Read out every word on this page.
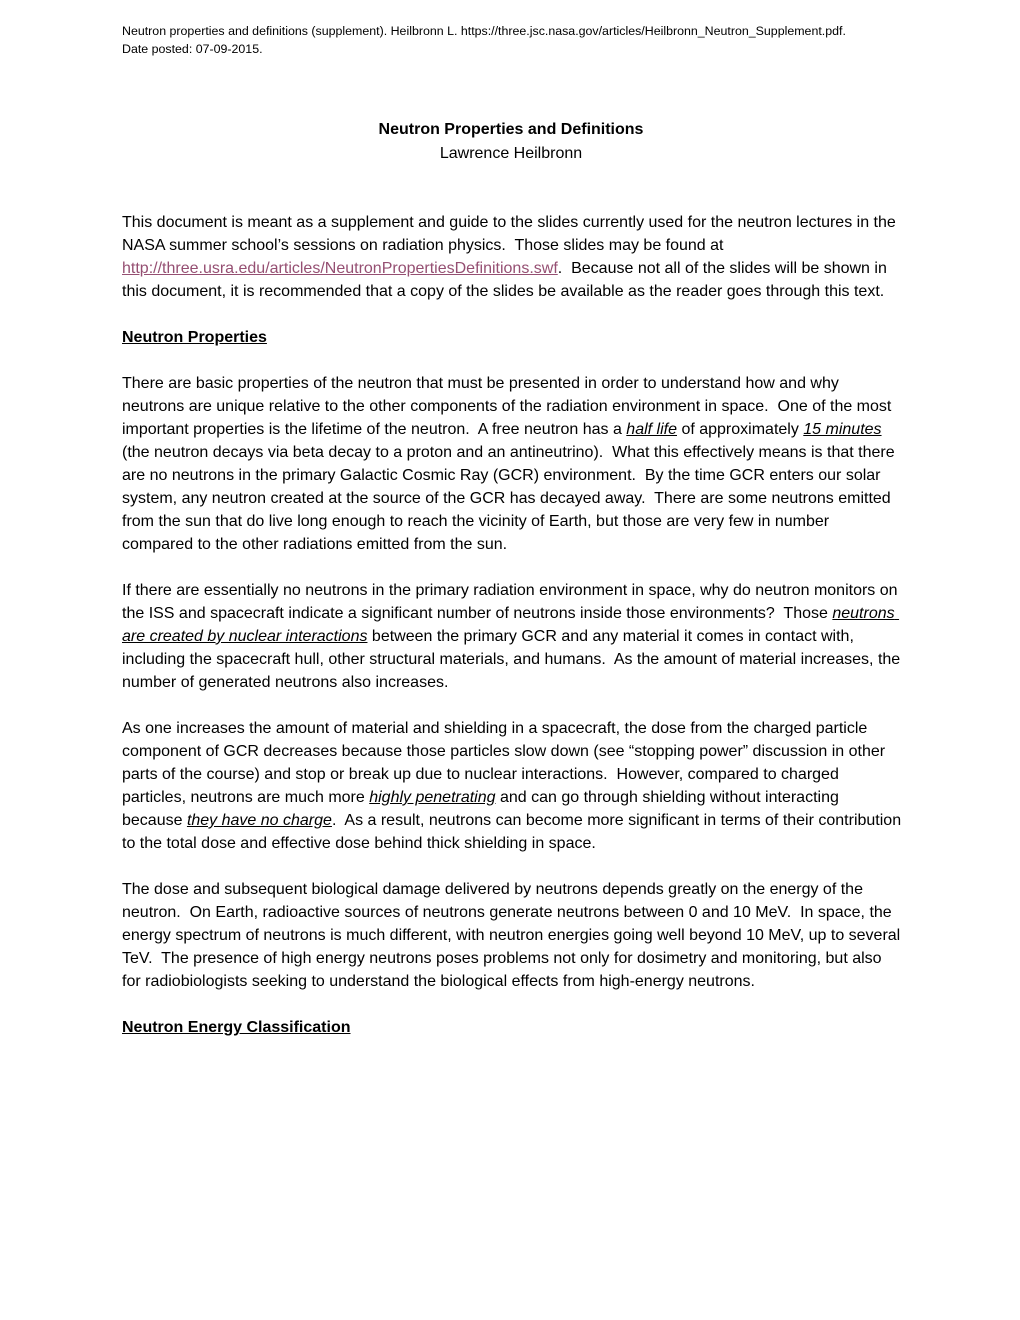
Neutron properties and definitions (supplement). Heilbronn L. https://three.jsc.nasa.gov/articles/Heilbronn_Neutron_Supplement.pdf.
Date posted: 07-09-2015.
Neutron Properties and Definitions
Lawrence Heilbronn

This document is meant as a supplement and guide to the slides currently used for the neutron lectures in the NASA summer school’s sessions on radiation physics.  Those slides may be found at http://three.usra.edu/articles/NeutronPropertiesDefinitions.swf.  Because not all of the slides will be shown in this document, it is recommended that a copy of the slides be available as the reader goes through this text.

Neutron Properties

There are basic properties of the neutron that must be presented in order to understand how and why neutrons are unique relative to the other components of the radiation environment in space.  One of the most important properties is the lifetime of the neutron.  A free neutron has a half life of approximately 15 minutes (the neutron decays via beta decay to a proton and an antineutrino).  What this effectively means is that there are no neutrons in the primary Galactic Cosmic Ray (GCR) environment.  By the time GCR enters our solar system, any neutron created at the source of the GCR has decayed away.  There are some neutrons emitted from the sun that do live long enough to reach the vicinity of Earth, but those are very few in number compared to the other radiations emitted from the sun.

If there are essentially no neutrons in the primary radiation environment in space, why do neutron monitors on the ISS and spacecraft indicate a significant number of neutrons inside those environments?  Those neutrons are created by nuclear interactions between the primary GCR and any material it comes in contact with, including the spacecraft hull, other structural materials, and humans.  As the amount of material increases, the number of generated neutrons also increases.

As one increases the amount of material and shielding in a spacecraft, the dose from the charged particle component of GCR decreases because those particles slow down (see “stopping power” discussion in other parts of the course) and stop or break up due to nuclear interactions.  However, compared to charged particles, neutrons are much more highly penetrating and can go through shielding without interacting because they have no charge.  As a result, neutrons can become more significant in terms of their contribution to the total dose and effective dose behind thick shielding in space.

The dose and subsequent biological damage delivered by neutrons depends greatly on the energy of the neutron.  On Earth, radioactive sources of neutrons generate neutrons between 0 and 10 MeV.  In space, the energy spectrum of neutrons is much different, with neutron energies going well beyond 10 MeV, up to several TeV.  The presence of high energy neutrons poses problems not only for dosimetry and monitoring, but also for radiobiologists seeking to understand the biological effects from high-energy neutrons.

Neutron Energy Classification
